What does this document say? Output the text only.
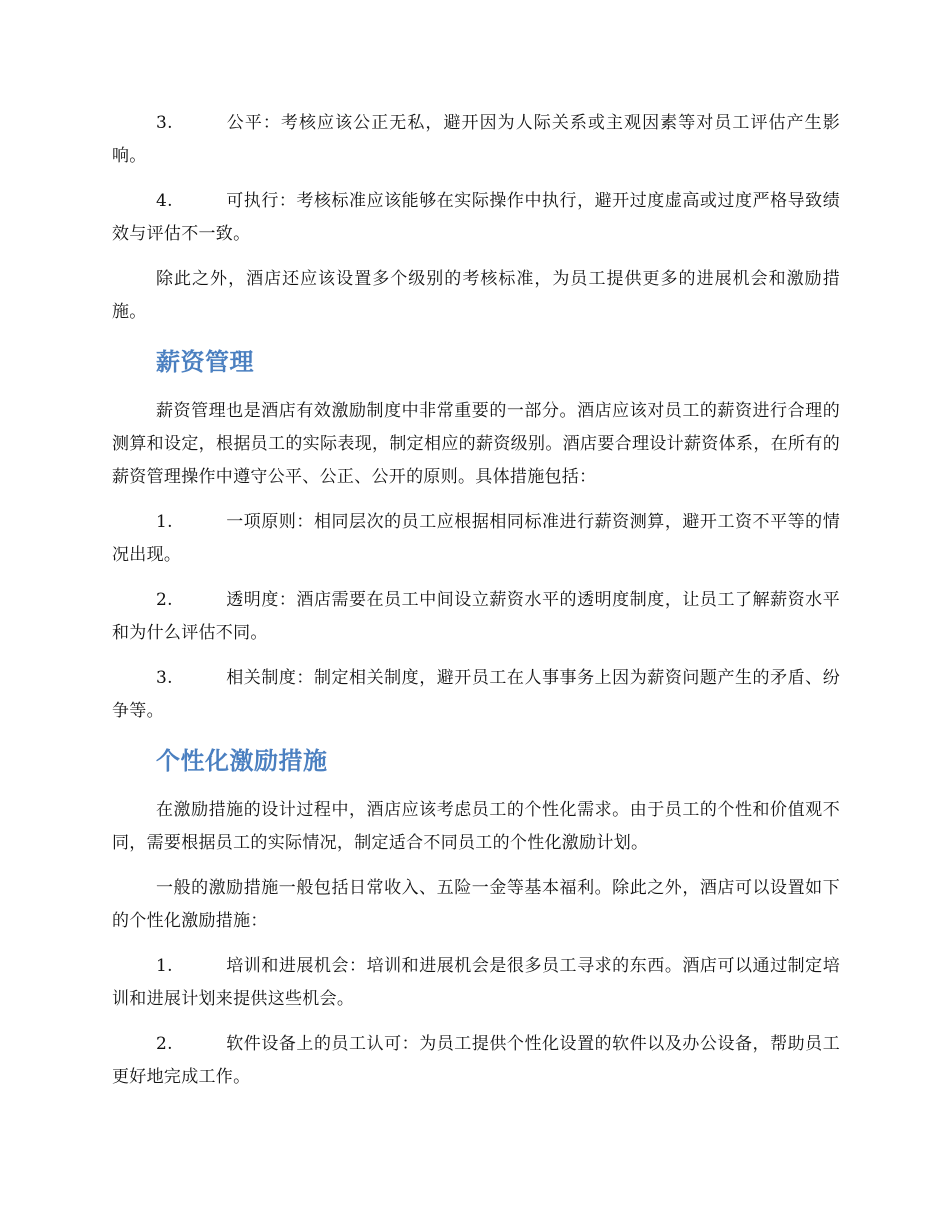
3.	公平：考核应该公正无私，避开因为人际关系或主观因素等对员工评估产生影响。

4.	可执行：考核标准应该能够在实际操作中执行，避开过度虚高或过度严格导致绩效与评估不一致。

除此之外，酒店还应该设置多个级别的考核标准，为员工提供更多的进展机会和激励措施。

薪资管理

薪资管理也是酒店有效激励制度中非常重要的一部分。酒店应该对员工的薪资进行合理的测算和设定，根据员工的实际表现，制定相应的薪资级别。酒店要合理设计薪资体系，在所有的薪资管理操作中遵守公平、公正、公开的原则。具体措施包括：

1.	一项原则：相同层次的员工应根据相同标准进行薪资测算，避开工资不平等的情况出现。

2.	透明度：酒店需要在员工中间设立薪资水平的透明度制度，让员工了解薪资水平和为什么评估不同。

3.	相关制度：制定相关制度，避开员工在人事事务上因为薪资问题产生的矛盾、纷争等。

个性化激励措施

在激励措施的设计过程中，酒店应该考虑员工的个性化需求。由于员工的个性和价值观不同，需要根据员工的实际情况，制定适合不同员工的个性化激励计划。

一般的激励措施一般包括日常收入、五险一金等基本福利。除此之外，酒店可以设置如下的个性化激励措施：

1.	培训和进展机会：培训和进展机会是很多员工寻求的东西。酒店可以通过制定培训和进展计划来提供这些机会。

2.	软件设备上的员工认可：为员工提供个性化设置的软件以及办公设备，帮助员工更好地完成工作。
